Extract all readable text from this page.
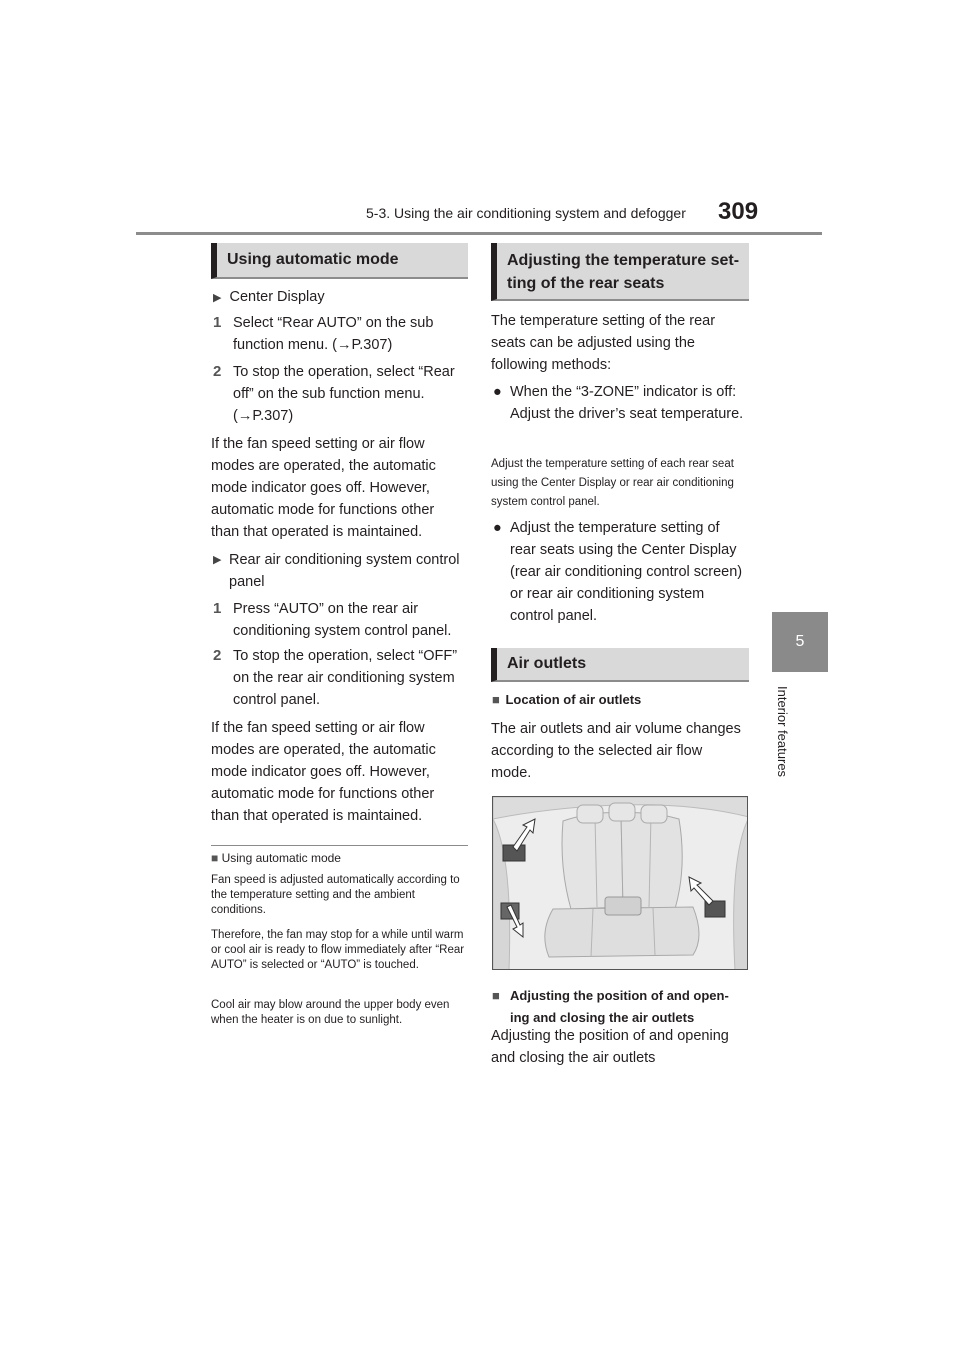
5-3. Using the air conditioning system and defogger 309
5
Interior features
Using automatic mode
▶ Center Display
1 Select “Rear AUTO” on the sub function menu. (→P.307)
2 To stop the operation, select “Rear
off” on the sub function menu.
(→P.307)
If the fan speed setting or air flow modes are operated, the automatic mode indicator goes off. However, automatic mode for functions other than that operated is maintained.
▶ Rear air conditioning system control panel
1 Press “AUTO” on the rear air conditioning system control panel.
2 To stop the operation, select “OFF” on the rear air conditioning system control panel.
If the fan speed setting or air flow modes are operated, the automatic mode indicator goes off. However, automatic mode for functions other than that operated is maintained.
■ Using automatic mode
Fan speed is adjusted automatically according to the temperature setting and the ambient conditions.
Therefore, the fan may stop for a while until warm or cool air is ready to flow immediately after “Rear AUTO” is selected or “AUTO” is touched.
Cool air may blow around the upper body even when the heater is on due to sunlight.
Adjusting the temperature set-
ting of the rear seats
The temperature setting of the rear seats can be adjusted using the following methods:
● When the “3-ZONE” indicator is off: Adjust the driver’s seat temperature.
Adjust the temperature setting of each rear seat using the Center Display or rear air conditioning system control panel.
● Adjust the temperature setting of rear seats using the Center Display (rear air conditioning control screen) or rear air conditioning system control panel.
Air outlets
■ Location of air outlets
The air outlets and air volume changes according to the selected air flow mode.
■ Adjusting the position of and open-
ing and closing the air outlets
Adjusting the position of and opening and closing the air outlets
